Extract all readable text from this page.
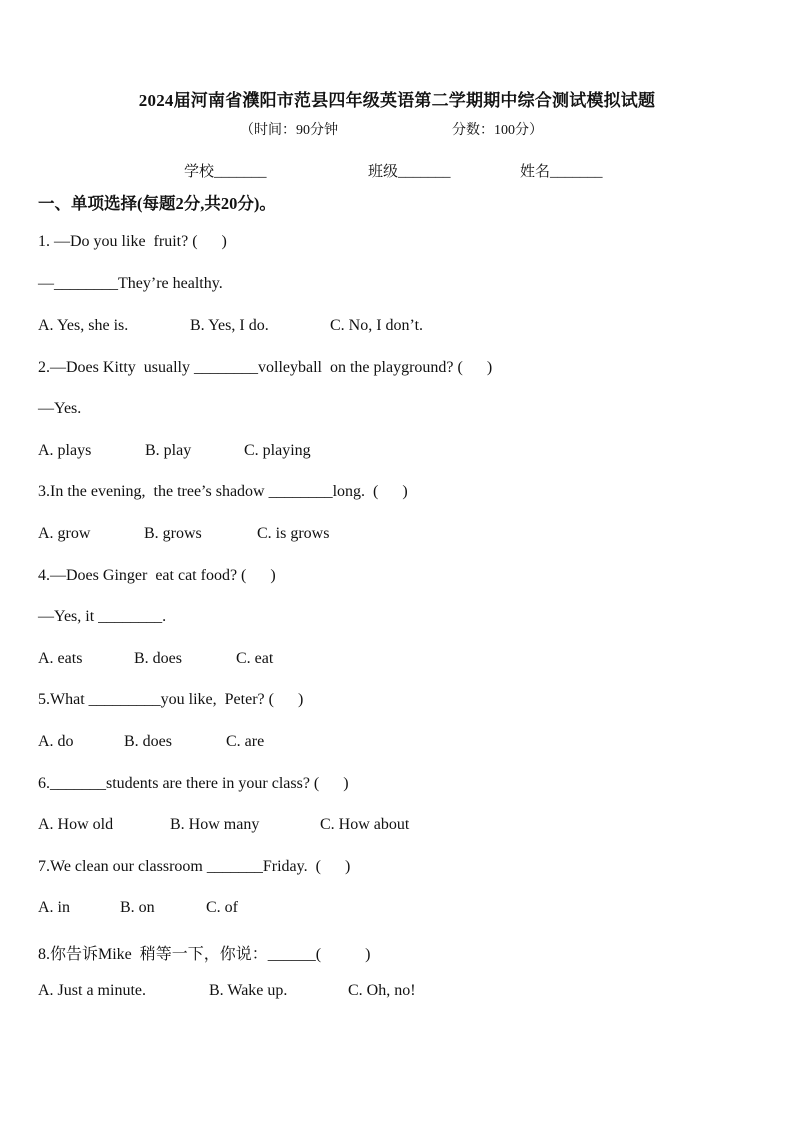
2024届河南省濮阳市范县四年级英语第二学期期中综合测试模拟试题
（时间：90分钟	分数：100分）
学校_______	班级_______	姓名_______
一、单项选择(每题2分,共20分)。
1. —Do you like  fruit? (      )
—________They’re healthy.
A. Yes, she is.	B. Yes, I do.	C. No, I don’t.
2.—Does Kitty  usually ________volleyball  on the playground? (      )
—Yes.
A. plays	B. play	C. playing
3.In the evening,  the tree’s shadow ________long.  (      )
A. grow	B. grows	C. is grows
4.—Does Ginger  eat cat food? (      )
—Yes, it ________.
A. eats	B. does	C. eat
5.What _________you like,  Peter? (      )
A. do	B. does	C. are
6._______students are there in your class? (      )
A. How old	B. How many	C. How about
7.We clean our classroom _______Friday.  (      )
A. in	B. on	C. of
8.你告诉Mike  稍等一下，你说：______(           )
A. Just a minute.	B. Wake up.	C. Oh, no!
